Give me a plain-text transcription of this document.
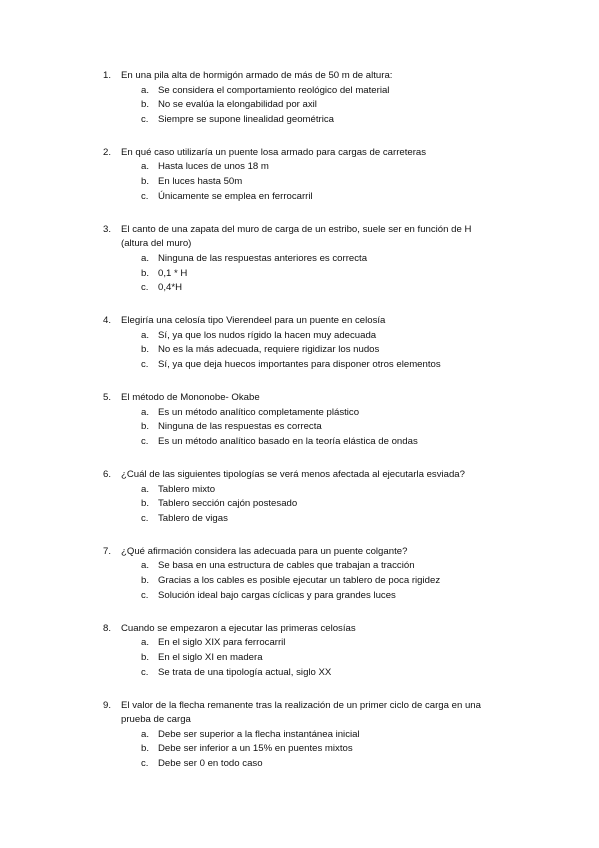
1. En una pila alta de hormigón armado de más de 50 m de altura:
a. Se considera el comportamiento reológico del material
b. No se evalúa la elongabilidad por axil
c. Siempre se supone linealidad geométrica
2. En qué caso utilizaría un puente losa armado para cargas de carreteras
a. Hasta luces de unos 18 m
b. En luces hasta 50m
c. Únicamente se emplea en ferrocarril
3. El canto de una zapata del muro de carga de un estribo, suele ser en función de H (altura del muro)
a. Ninguna de las respuestas anteriores es correcta
b. 0,1 * H
c. 0,4*H
4. Elegiría una celosía tipo Vierendeel para un puente en celosía
a. Sí, ya que los nudos rígido la hacen muy adecuada
b. No es la más adecuada, requiere rigidizar los nudos
c. Sí, ya que deja huecos importantes para disponer otros elementos
5. El método de Mononobe- Okabe
a. Es un método analítico completamente plástico
b. Ninguna de las respuestas es correcta
c. Es un método analítico basado en la teoría elástica de ondas
6. ¿Cuál de las siguientes tipologías se verá menos afectada al ejecutarla esviada?
a. Tablero mixto
b. Tablero sección cajón postesado
c. Tablero de vigas
7. ¿Qué afirmación considera las adecuada para un puente colgante?
a. Se basa en una estructura de cables que trabajan a tracción
b. Gracias a los cables es posible ejecutar un tablero de poca rigidez
c. Solución ideal bajo cargas cíclicas y para grandes luces
8. Cuando se empezaron a ejecutar las primeras celosías
a. En el siglo XIX para ferrocarril
b. En el siglo XI en madera
c. Se trata de una tipología actual, siglo XX
9. El valor de la flecha remanente tras la realización de un primer ciclo de carga en una prueba de carga
a. Debe ser superior a la flecha instantánea inicial
b. Debe ser inferior a un 15% en puentes mixtos
c. Debe ser 0 en todo caso
